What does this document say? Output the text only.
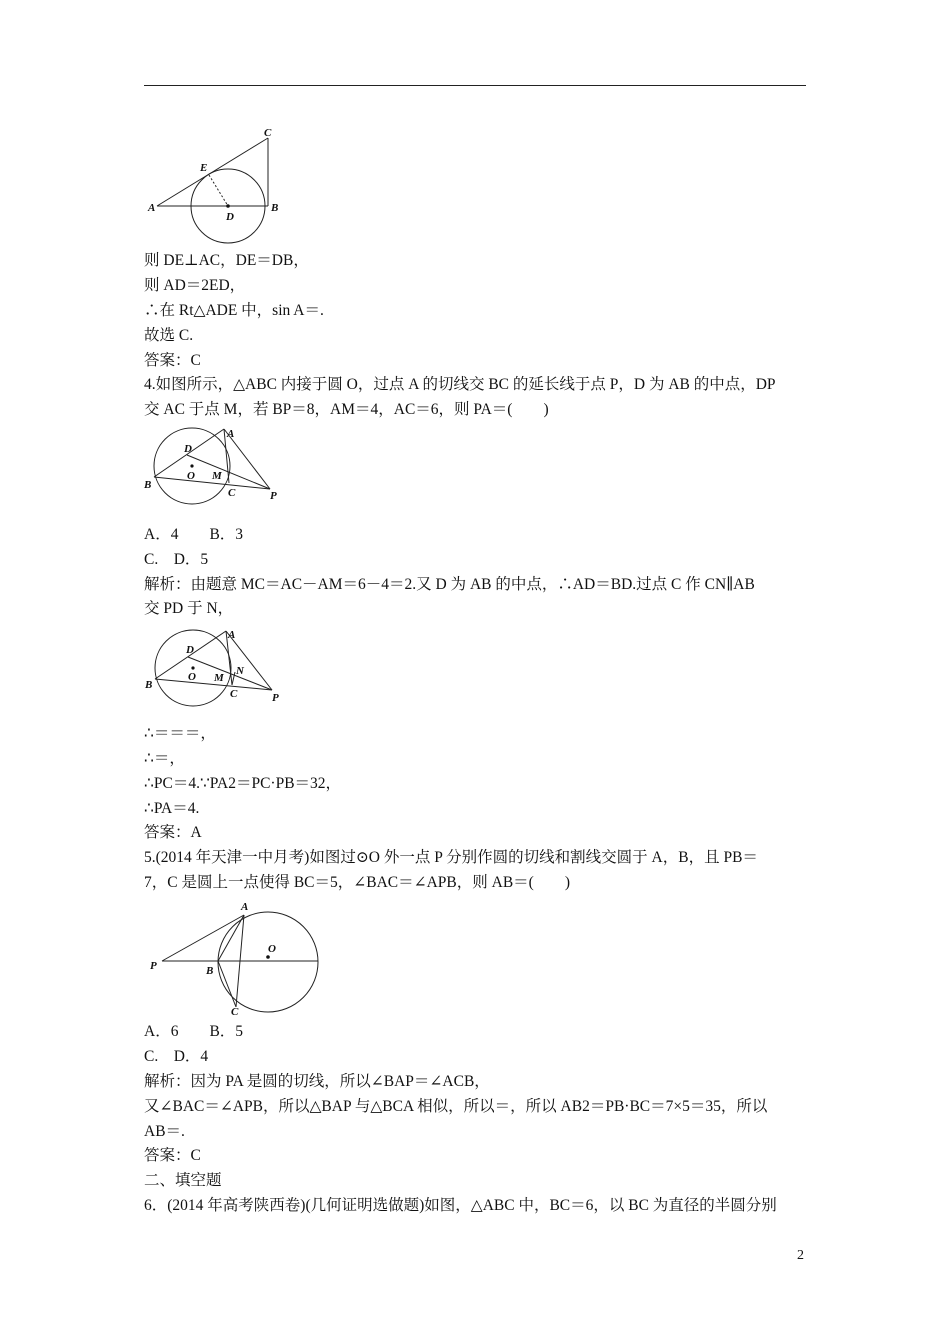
A	B
C
D
E
A
B
C
D
O M
P
A
B
C
D
O M
N
P
A
B
C
O
P
则 DE⊥AC，DE＝DB，
则 AD＝2ED，
∴在 Rt△ADE 中，sin A＝.
故选 C.
答案：C
4.如图所示，△ABC 内接于圆 O，过点 A 的切线交 BC 的延长线于点 P，D 为 AB 的中点，DP
交 AC 于点 M，若 BP＝8，AM＝4，AC＝6，则 PA＝(　　)
A．4　　B．3
C.　D．5
解析：由题意 MC＝AC－AM＝6－4＝2.又 D 为 AB 的中点，∴AD＝BD.过点 C 作 CN∥AB
交 PD 于 N，
∴＝＝＝，
∴＝，
∴PC＝4.∵PA2＝PC·PB＝32，
∴PA＝4.
答案：A
5.(2014 年天津一中月考)如图过⊙O 外一点 P 分别作圆的切线和割线交圆于 A，B，且 PB＝
7，C 是圆上一点使得 BC＝5，∠BAC＝∠APB，则 AB＝(　　)
A．6　　B．5
C.　D．4
解析：因为 PA 是圆的切线，所以∠BAP＝∠ACB，
又∠BAC＝∠APB，所以△BAP 与△BCA 相似，所以＝，所以 AB2＝PB·BC＝7×5＝35，所以
AB＝.
答案：C
二、填空题
6．(2014 年高考陕西卷)(几何证明选做题)如图，△ABC 中，BC＝6，以 BC 为直径的半圆分别
2
